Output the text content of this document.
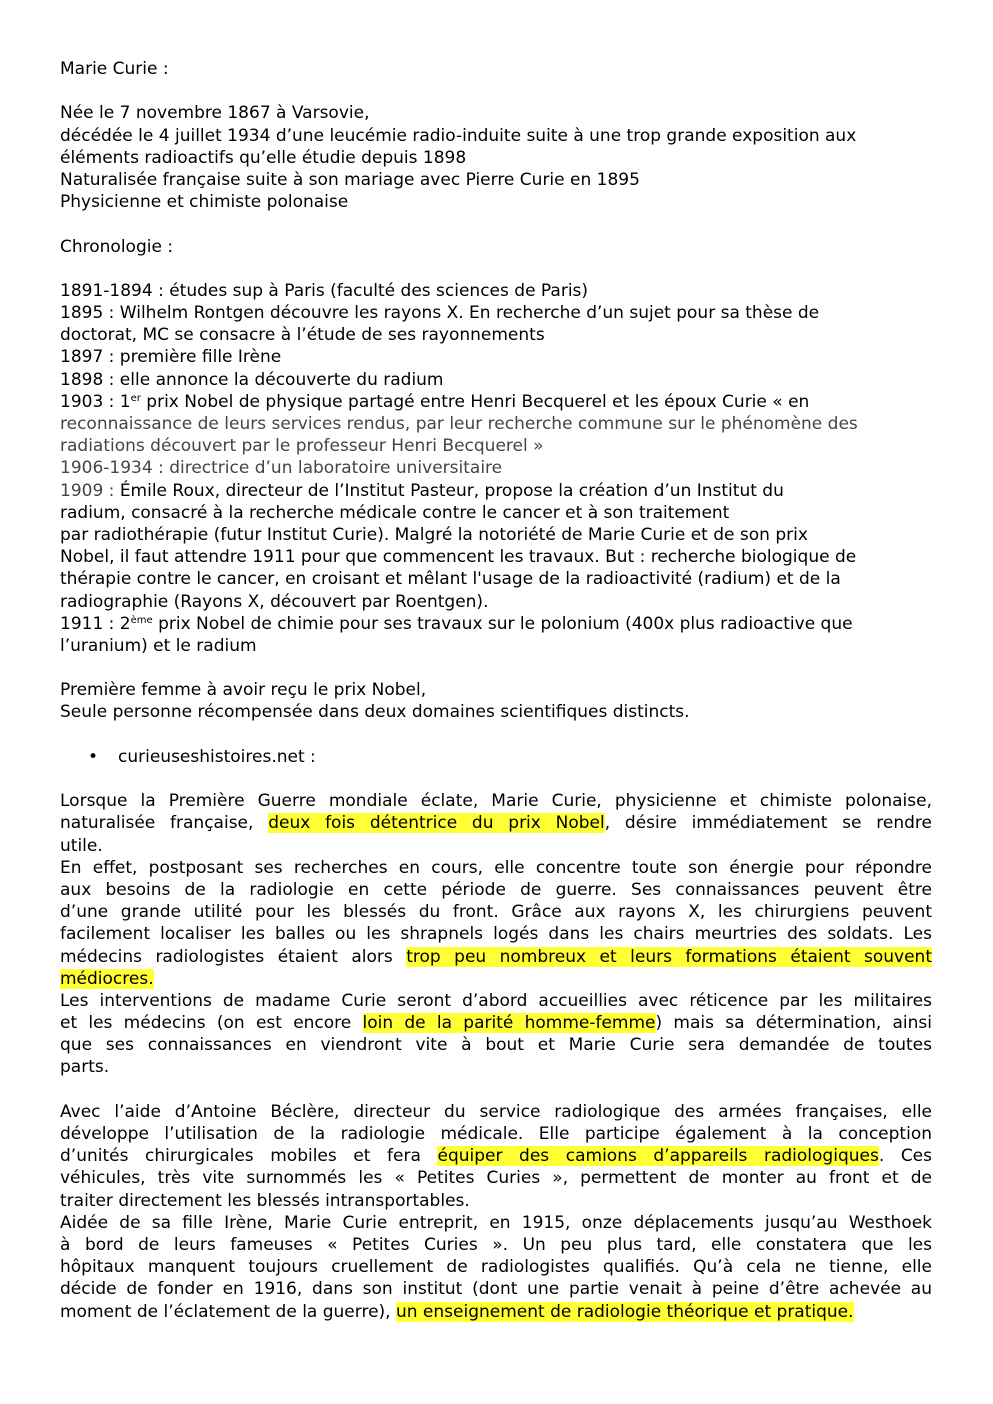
Marie Curie :
Née le 7 novembre 1867 à Varsovie,
décédée le 4 juillet 1934 d’une leucémie radio-induite suite à une trop grande exposition aux
éléments radioactifs qu’elle étudie depuis 1898
Naturalisée française suite à son mariage avec Pierre Curie en 1895
Physicienne et chimiste polonaise
Chronologie :
1891-1894 : études sup à Paris (faculté des sciences de Paris)
1895 : Wilhelm Rontgen découvre les rayons X. En recherche d’un sujet pour sa thèse de
doctorat, MC se consacre à l’étude de ses rayonnements
1897 : première fille Irène
1898 : elle annonce la découverte du radium
1903 : 1er prix Nobel de physique partagé entre Henri Becquerel et les époux Curie « en
reconnaissance de leurs services rendus, par leur recherche commune sur le phénomène des
radiations découvert par le professeur Henri Becquerel »
1906-1934 : directrice d’un laboratoire universitaire
1909 : Émile Roux, directeur de l’Institut Pasteur, propose la création d’un Institut du
radium, consacré à la recherche médicale contre le cancer et à son traitement
par radiothérapie (futur Institut Curie). Malgré la notoriété de Marie Curie et de son prix
Nobel, il faut attendre 1911 pour que commencent les travaux. But : recherche biologique de
thérapie contre le cancer, en croisant et mêlant l'usage de la radioactivité (radium) et de la
radiographie (Rayons X, découvert par Roentgen).
1911 : 2ème prix Nobel de chimie pour ses travaux sur le polonium (400x plus radioactive que
l’uranium) et le radium
Première femme à avoir reçu le prix Nobel,
Seule personne récompensée dans deux domaines scientifiques distincts.
• curieuseshistoires.net :
Lorsque la Première Guerre mondiale éclate, Marie Curie, physicienne et chimiste polonaise,
naturalisée française, deux fois détentrice du prix Nobel, désire immédiatement se rendre
utile.
En effet, postposant ses recherches en cours, elle concentre toute son énergie pour répondre
aux besoins de la radiologie en cette période de guerre. Ses connaissances peuvent être
d’une grande utilité pour les blessés du front. Grâce aux rayons X, les chirurgiens peuvent
facilement localiser les balles ou les shrapnels logés dans les chairs meurtries des soldats. Les
médecins radiologistes étaient alors trop peu nombreux et leurs formations étaient souvent
médiocres.
Les interventions de madame Curie seront d’abord accueillies avec réticence par les militaires
et les médecins (on est encore loin de la parité homme-femme) mais sa détermination, ainsi
que ses connaissances en viendront vite à bout et Marie Curie sera demandée de toutes
parts.
Avec l’aide d’Antoine Béclère, directeur du service radiologique des armées françaises, elle
développe l’utilisation de la radiologie médicale. Elle participe également à la conception
d’unités chirurgicales mobiles et fera équiper des camions d’appareils radiologiques. Ces
véhicules, très vite surnommés les « Petites Curies », permettent de monter au front et de
traiter directement les blessés intransportables.
Aidée de sa fille Irène, Marie Curie entreprit, en 1915, onze déplacements jusqu’au Westhoek
à bord de leurs fameuses « Petites Curies ». Un peu plus tard, elle constatera que les
hôpitaux manquent toujours cruellement de radiologistes qualifiés. Qu’à cela ne tienne, elle
décide de fonder en 1916, dans son institut (dont une partie venait à peine d’être achevée au
moment de l’éclatement de la guerre), un enseignement de radiologie théorique et pratique.
